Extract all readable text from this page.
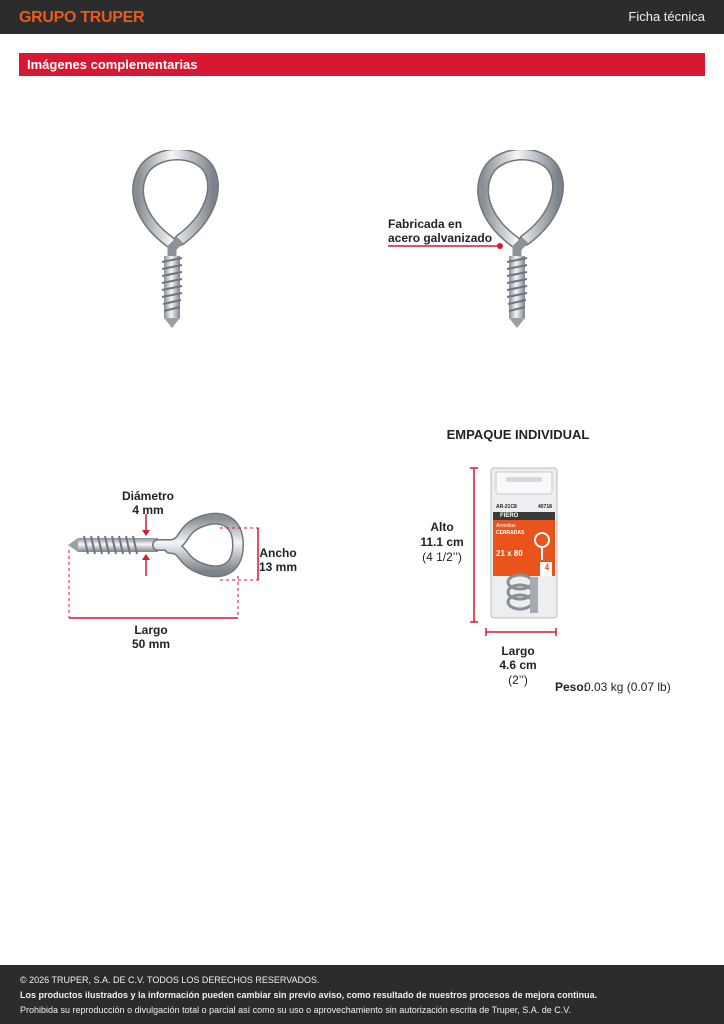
GRUPO TRUPER	Ficha técnica
Imágenes complementarias
Fabricada en
acero galvanizado
Diámetro
4 mm
Ancho
13 mm
Largo
50 mm
EMPAQUE INDIVIDUAL
AR-21C8	40718
FIERO
Armellas
CERRADAS
21 x 80
4
Alto
11.1 cm
(4 1/2’’)
Largo
4.6 cm
(2’’)	Peso:
0.03 kg (0.07 lb)
© 2026 TRUPER, S.A. DE C.V. TODOS LOS DERECHOS RESERVADOS.
Los productos ilustrados y la información pueden cambiar sin previo aviso, como resultado de nuestros procesos de mejora continua.
Prohibida su reproducción o divulgación total o parcial así como su uso o aprovechamiento sin autorización escrita de Truper, S.A. de C.V.
